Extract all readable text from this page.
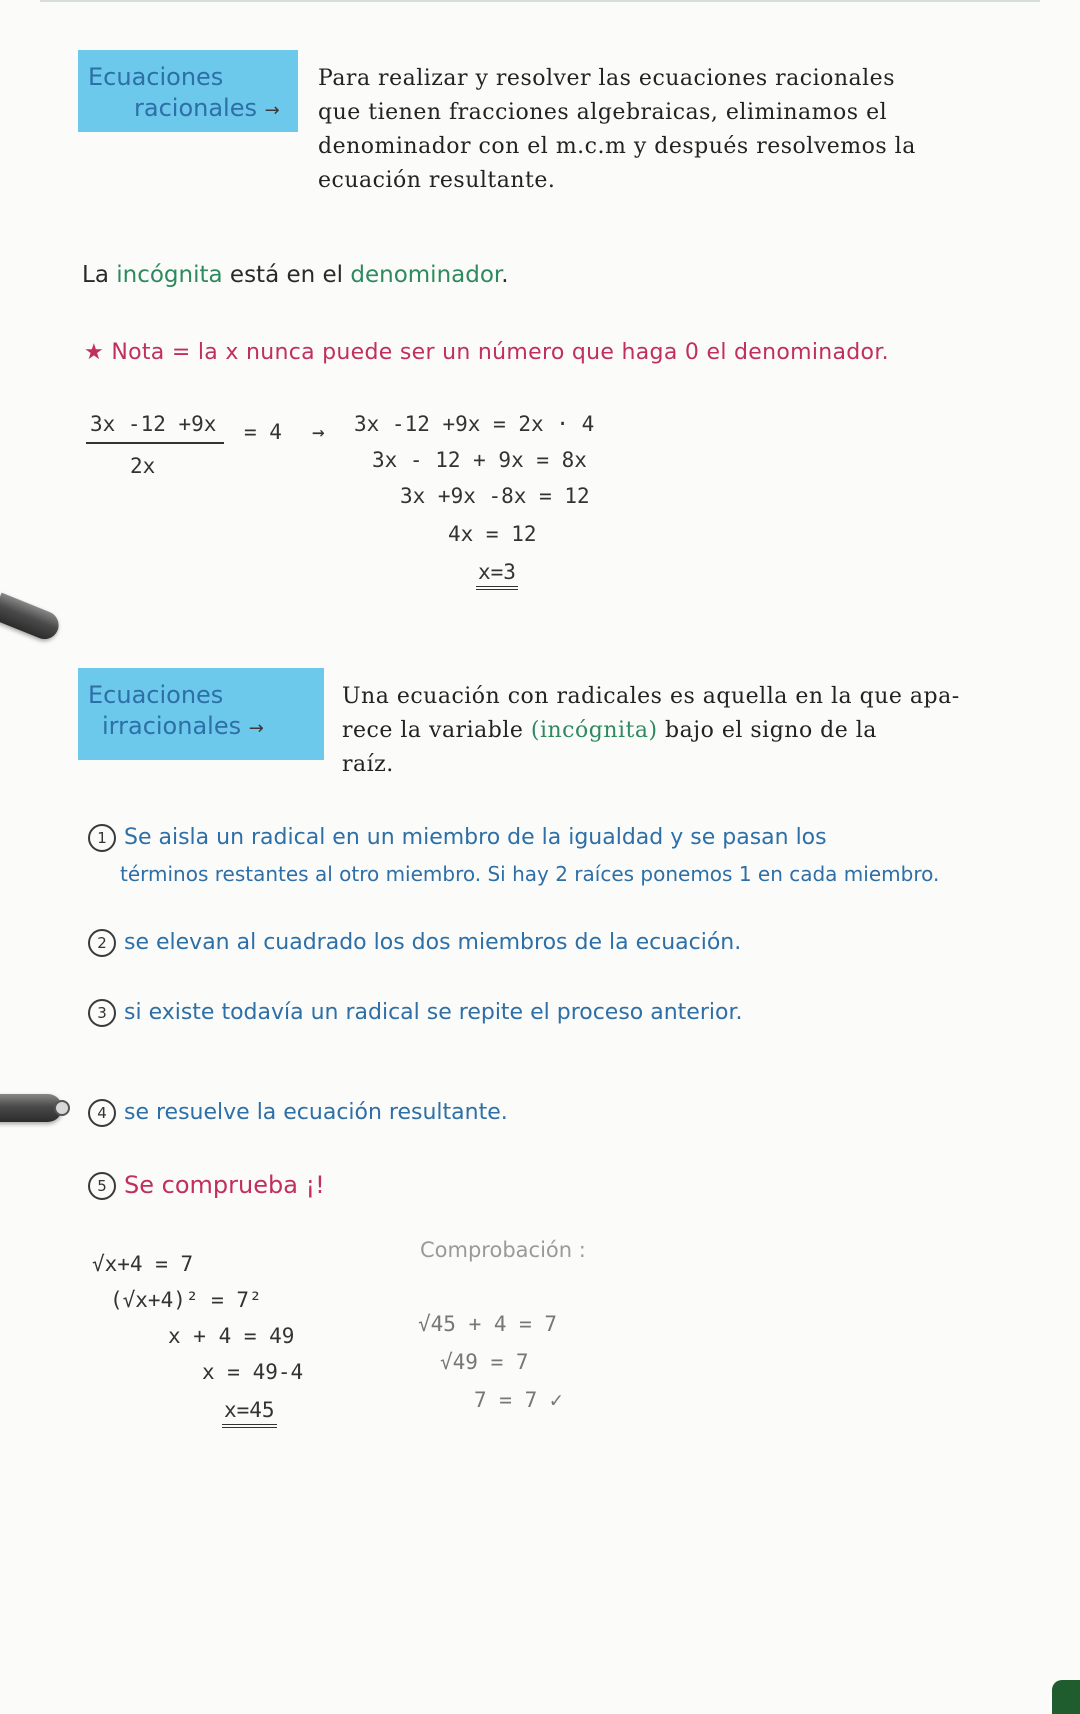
Ecuaciones
racionales →
Para realizar y resolver las ecuaciones racionales
que tienen fracciones algebraicas, eliminamos el
denominador con el m.c.m y después resolvemos la
ecuación resultante.
La incógnita está en el denominador.
★ Nota = la x nunca puede ser un número que haga 0 el denominador.
3x -12 +9x
2x
= 4 → 3x -12 +9x = 2x · 4
3x - 12 + 9x = 8x
3x +9x -8x = 12
4x = 12
x=3
Ecuaciones
irracionales →
Una ecuación con radicales es aquella en la que apa-
rece la variable (incógnita) bajo el signo de la
raíz.
1 Se aisla un radical en un miembro de la igualdad y se pasan los
términos restantes al otro miembro. Si hay 2 raíces ponemos 1 en cada miembro.
2 se elevan al cuadrado los dos miembros de la ecuación.
3 si existe todavía un radical se repite el proceso anterior.
4 se resuelve la ecuación resultante.
5 Se comprueba ¡!
√x+4 = 7
(√x+4)² = 7²
x + 4 = 49
x = 49-4
x=45
Comprobación :
√45 + 4 = 7
√49 = 7
7 = 7 ✓
